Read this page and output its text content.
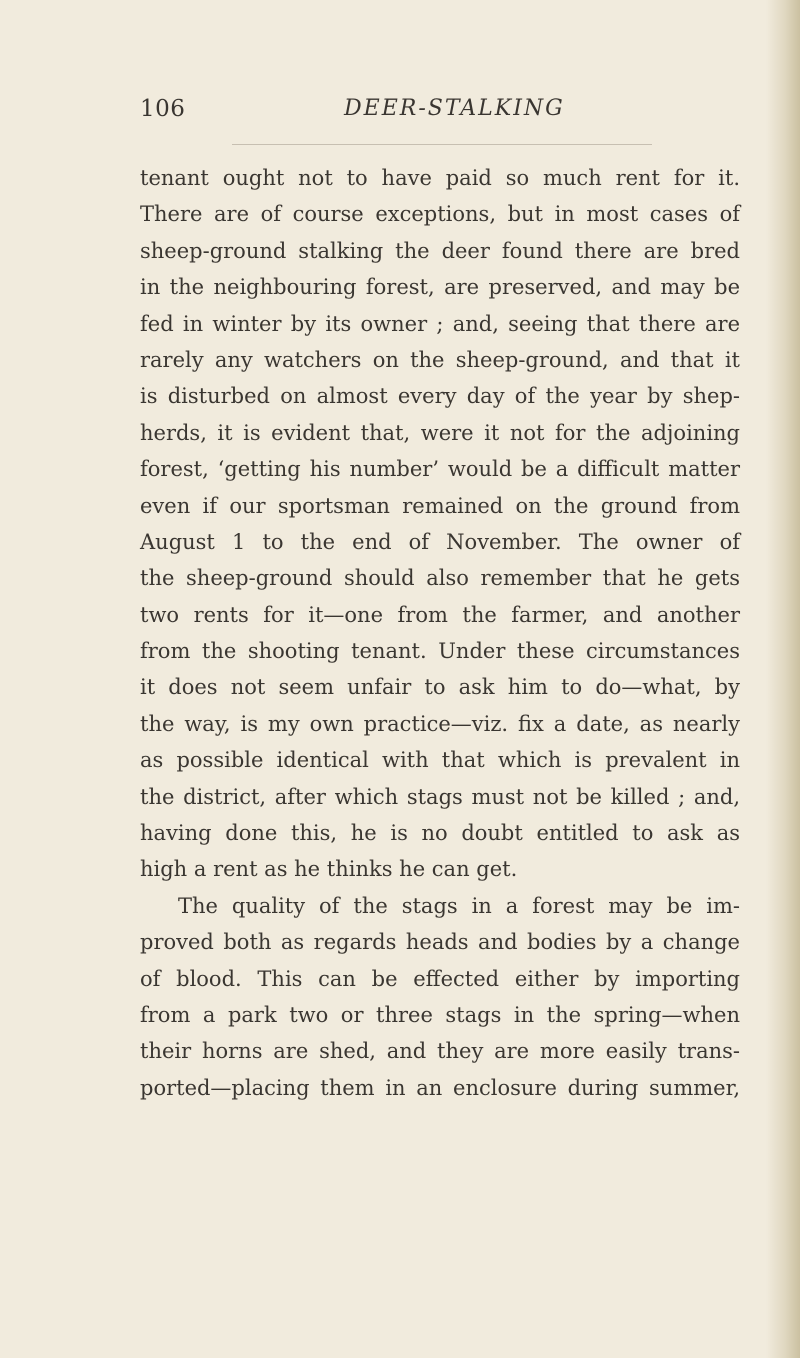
106	DEER-STALKING
tenant ought not to have paid so much rent for it.
There are of course exceptions, but in most cases of
sheep-ground stalking the deer found there are bred
in the neighbouring forest, are preserved, and may be
fed in winter by its owner ; and, seeing that there are
rarely any watchers on the sheep-ground, and that it
is disturbed on almost every day of the year by shep-
herds, it is evident that, were it not for the adjoining
forest, ‘getting his number’ would be a difficult matter
even if our sportsman remained on the ground from
August 1 to the end of November. The owner of
the sheep-ground should also remember that he gets
two rents for it—one from the farmer, and another
from the shooting tenant. Under these circumstances
it does not seem unfair to ask him to do—what, by
the way, is my own practice—viz. fix a date, as nearly
as possible identical with that which is prevalent in
the district, after which stags must not be killed ; and,
having done this, he is no doubt entitled to ask as
high a rent as he thinks he can get.
The quality of the stags in a forest may be im-
proved both as regards heads and bodies by a change
of blood. This can be effected either by importing
from a park two or three stags in the spring—when
their horns are shed, and they are more easily trans-
ported—placing them in an enclosure during summer,
